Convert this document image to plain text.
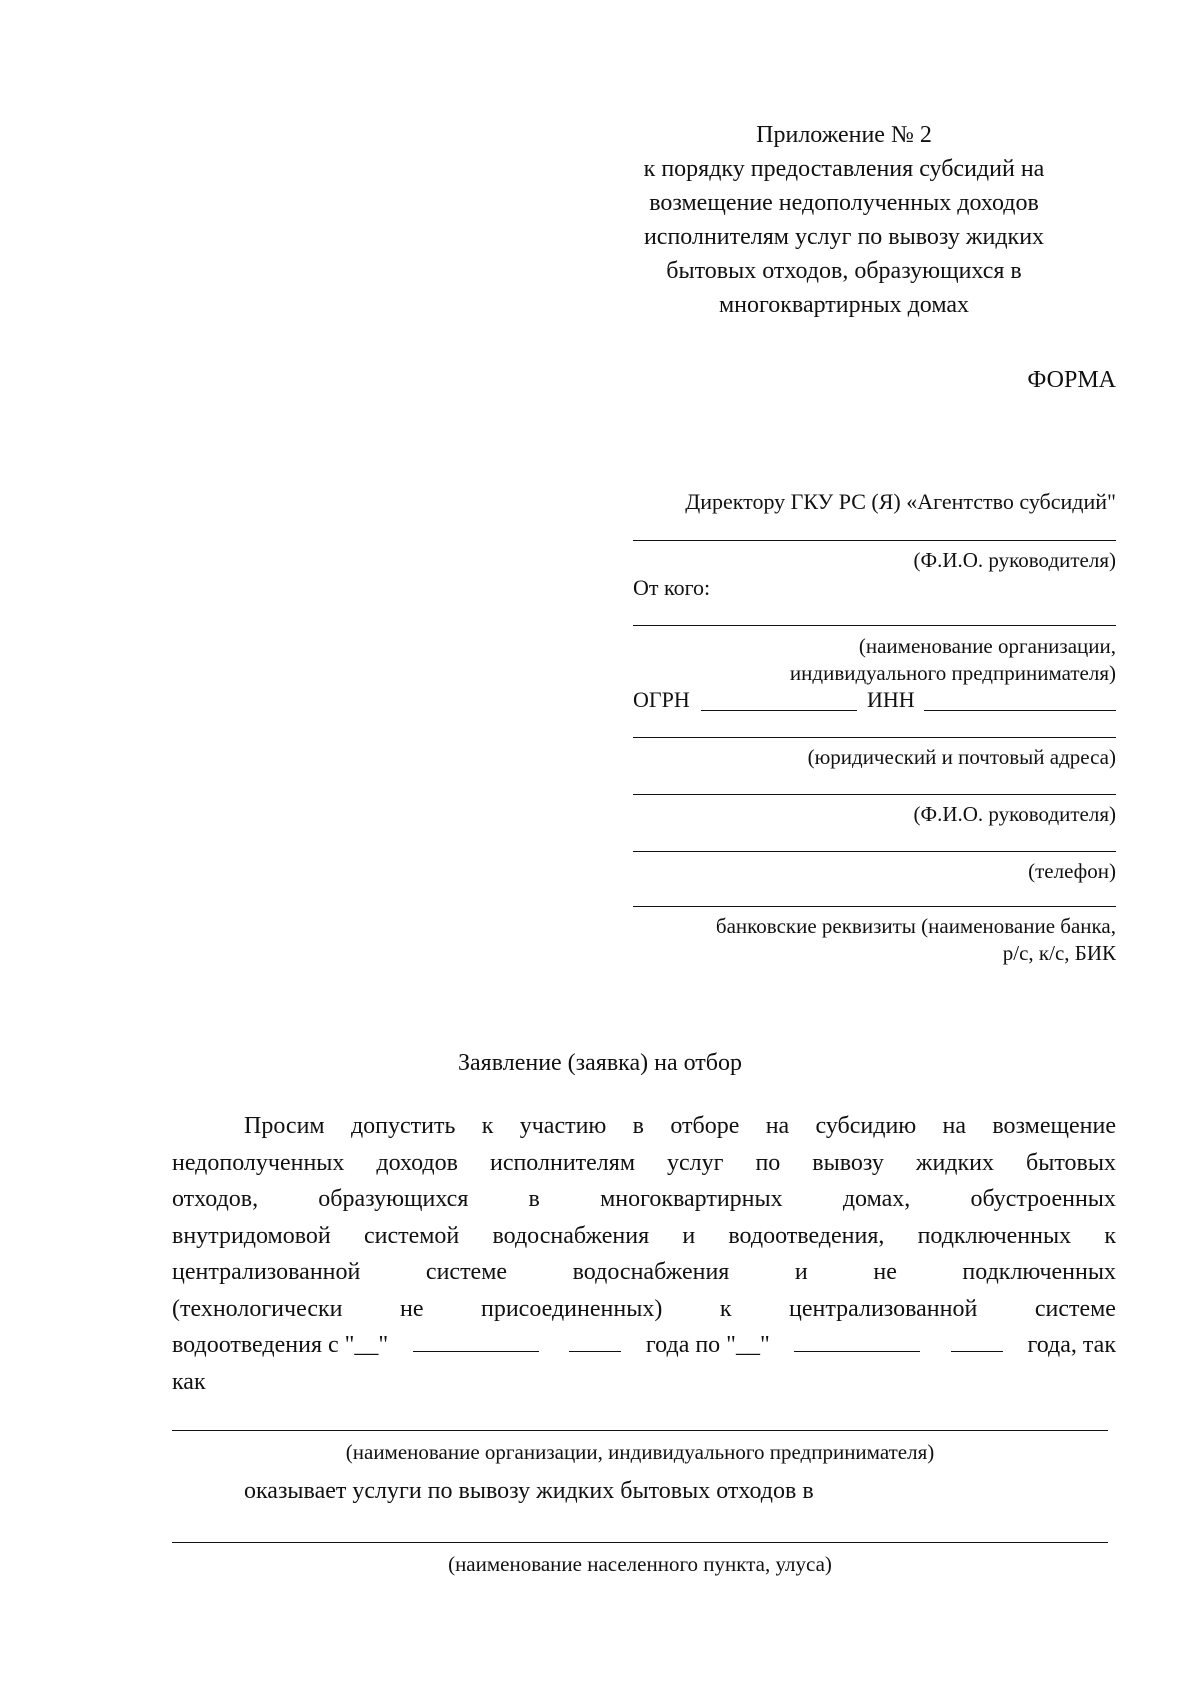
Приложение № 2
к порядку предоставления субсидий на
возмещение недополученных доходов
исполнителям услуг по вывозу жидких
бытовых отходов, образующихся в
многоквартирных домах
ФОРМА
Директору ГКУ РС (Я) «Агентство субсидий"
(Ф.И.О. руководителя)
От кого:
(наименование организации,
индивидуального предпринимателя)
ОГРН	ИНН
(юридический и почтовый адреса)
(Ф.И.О. руководителя)
(телефон)
банковские реквизиты (наименование банка,
р/с, к/с, БИК
Заявление (заявка) на отбор
Просим допустить к участию в отборе на субсидию на возмещение
недополученных доходов исполнителям услуг по вывозу жидких бытовых
отходов,	образующихся	в	многоквартирных	домах,	обустроенных
внутридомовой системой водоснабжения и водоотведения, подключенных к
централизованной	системе	водоснабжения	и	не	подключенных
(технологически не присоединенных) к централизованной системе
водоотведения с "__"	года по "__"	года, так
как
(наименование организации, индивидуального предпринимателя)
оказывает услуги по вывозу жидких бытовых отходов в
(наименование населенного пункта, улуса)
